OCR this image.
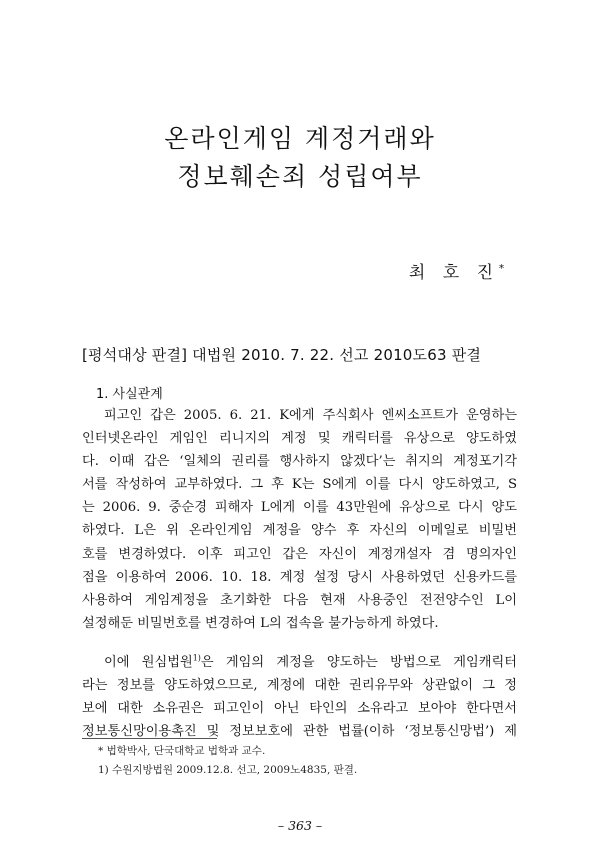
온라인게임 계정거래와
정보훼손죄 성립여부
최 호 진*
[평석대상 판결] 대법원 2010. 7. 22. 선고 2010도63 판결
1. 사실관계

피고인 갑은 2005. 6. 21. K에게 주식회사 엔씨소프트가 운영하는

인터넷온라인 게임인 리니지의 계정 및 캐릭터를 유상으로 양도하였

다. 이때 갑은 ‘일체의 권리를 행사하지 않겠다’는 취지의 계정포기각

서를 작성하여 교부하였다. 그 후 K는 S에게 이를 다시 양도하였고, S

는 2006. 9. 중순경 피해자 L에게 이를 43만원에 유상으로 다시 양도

하였다. L은 위 온라인게임 계정을 양수 후 자신의 이메일로 비밀번

호를 변경하였다. 이후 피고인 갑은 자신이 계정개설자 겸 명의자인

점을 이용하여 2006. 10. 18. 계정 설정 당시 사용하였던 신용카드를

사용하여 게임계정을 초기화한 다음 현재 사용중인 전전양수인 L이

설정해둔 비밀번호를 변경하여 L의 접속을 불가능하게 하였다.

이에 원심법원$^{1)}$은 게임의 계정을 양도하는 방법으로 게임캐릭터

라는 정보를 양도하였으므로, 계정에 대한 권리유무와 상관없이 그 정

보에 대한 소유권은 피고인이 아닌 타인의 소유라고 보아야 한다면서

정보통신망이용촉진 및 정보보호에 관한 법률(이하 ‘정보통신망법’) 제

* 법학박사, 단국대학교 법학과 교수.
1) 수원지방법원 2009.12.8. 선고, 2009노4835, 판결.
– 363 –
